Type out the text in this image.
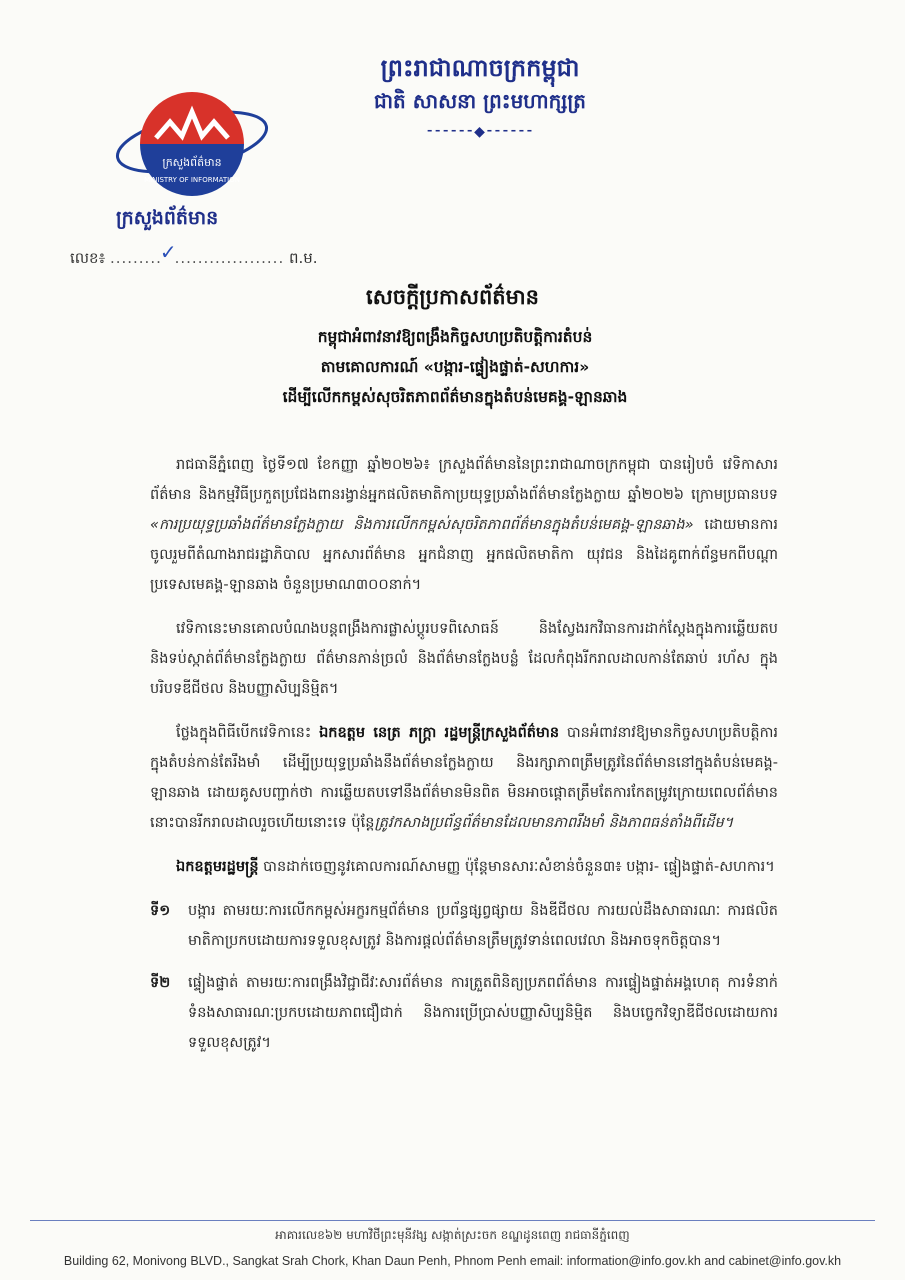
ព្រះរាជាណាចក្រកម្ពុជា
ជាតិ សាសនា ព្រះមហាក្សត្រ
⁃⁃⁃⁃⁃⁃◆⁃⁃⁃⁃⁃⁃
ក្រសួងព័ត៌មាន
MINISTRY OF INFORMATION
ក្រសួងព័ត៌មាន
លេខ៖ .........✓................... ព.ម.
សេចក្ដីប្រកាសព័ត៌មាន
កម្ពុជាអំពាវនាវឱ្យពង្រឹងកិច្ចសហប្រតិបត្តិការតំបន់
តាមគោលការណ៍ «បង្ការ-ផ្ទៀងផ្ទាត់-សហការ»
ដើម្បីលើកកម្ពស់សុចរិតភាពព័ត៌មានក្នុងតំបន់មេគង្គ-ឡានឆាង

រាជធានីភ្នំពេញ ថ្ងៃទី១៧ ខែកញ្ញា ឆ្នាំ២០២៦៖ ក្រសួងព័ត៌មាននៃព្រះរាជាណាចក្រកម្ពុជា បានរៀបចំ វេទិកាសារព័ត៌មាន និងកម្មវិធីប្រកួតប្រជែងពានរង្វាន់អ្នកផលិតមាតិកាប្រយុទ្ធប្រឆាំងព័ត៌មានក្លែងក្លាយ ឆ្នាំ២០២៦ ក្រោមប្រធានបទ «ការប្រយុទ្ធប្រឆាំងព័ត៌មានក្លែងក្លាយ និងការលើកកម្ពស់សុចរិតភាពព័ត៌មានក្នុងតំបន់មេគង្គ-ឡានឆាង» ដោយមានការចូលរួមពីតំណាងរាជរដ្ឋាភិបាល អ្នកសារព័ត៌មាន អ្នកជំនាញ អ្នកផលិតមាតិកា យុវជន និងដៃគូពាក់ព័ន្ធមកពីបណ្ដាប្រទេសមេគង្គ-ឡានឆាង ចំនួនប្រមាណ៣០០នាក់។

វេទិកានេះមានគោលបំណងបន្តពង្រឹងការផ្លាស់ប្ដូរបទពិសោធន៍ និងស្វែងរកវិធានការដាក់ស្ដែងក្នុងការឆ្លើយតបនិងទប់ស្កាត់ព័ត៌មានក្លែងក្លាយ ព័ត៌មានភាន់ច្រលំ និងព័ត៌មានក្លែងបន្លំ ដែលកំពុងរីករាលដាលកាន់តែឆាប់ រហ័ស ក្នុងបរិបទឌីជីថល និងបញ្ញាសិប្បនិម្មិត។

ថ្លែងក្នុងពិធីបើកវេទិកានេះ ឯកឧត្តម នេត្រ ភក្ត្រា រដ្ឋមន្ត្រីក្រសួងព័ត៌មាន បានអំពាវនាវឱ្យមានកិច្ចសហប្រតិបត្តិការក្នុងតំបន់កាន់តែរឹងមាំ ដើម្បីប្រយុទ្ធប្រឆាំងនឹងព័ត៌មានក្លែងក្លាយ និងរក្សាភាពត្រឹមត្រូវនៃព័ត៌មាននៅក្នុងតំបន់មេគង្គ-ឡានឆាង ដោយគូសបញ្ជាក់ថា ការឆ្លើយតបទៅនឹងព័ត៌មានមិនពិត មិនអាចផ្ដោតត្រឹមតែការកែតម្រូវក្រោយពេលព័ត៌មាននោះបានរីករាលដាលរួចហើយនោះទេ ប៉ុន្តែត្រូវកសាងប្រព័ន្ធព័ត៌មានដែលមានភាពរឹងមាំ និងភាពធន់តាំងពីដើម។

ឯកឧត្តមរដ្ឋមន្ត្រី បានដាក់ចេញនូវគោលការណ៍សាមញ្ញ ប៉ុន្តែមានសារៈសំខាន់ចំនួន៣៖ បង្ការ- ផ្ទៀងផ្ទាត់-សហការ។

ទី១	បង្ការ តាមរយៈការលើកកម្ពស់អក្ខរកម្មព័ត៌មាន ប្រព័ន្ធផ្សព្វផ្សាយ និងឌីជីថល ការយល់ដឹងសាធារណៈ ការផលិតមាតិកាប្រកបដោយការទទួលខុសត្រូវ និងការផ្ដល់ព័ត៌មានត្រឹមត្រូវទាន់ពេលវេលា និងអាចទុកចិត្តបាន។
ទី២	ផ្ទៀងផ្ទាត់ តាមរយៈការពង្រឹងវិជ្ជាជីវៈសារព័ត៌មាន ការត្រួតពិនិត្យប្រភពព័ត៌មាន ការផ្ទៀងផ្ទាត់អង្គហេតុ ការទំនាក់ទំនងសាធារណៈប្រកបដោយភាពជឿជាក់ និងការប្រើប្រាស់បញ្ញាសិប្បនិម្មិត និងបច្ចេកវិទ្យាឌីជីថលដោយការទទួលខុសត្រូវ។
អាគារលេខ៦២ មហាវិថីព្រះមុនីវង្ស សង្កាត់ស្រះចក ខណ្ឌដូនពេញ រាជធានីភ្នំពេញ
Building 62, Monivong BLVD., Sangkat Srah Chork, Khan Daun Penh, Phnom Penh email: information@info.gov.kh and cabinet@info.gov.kh
